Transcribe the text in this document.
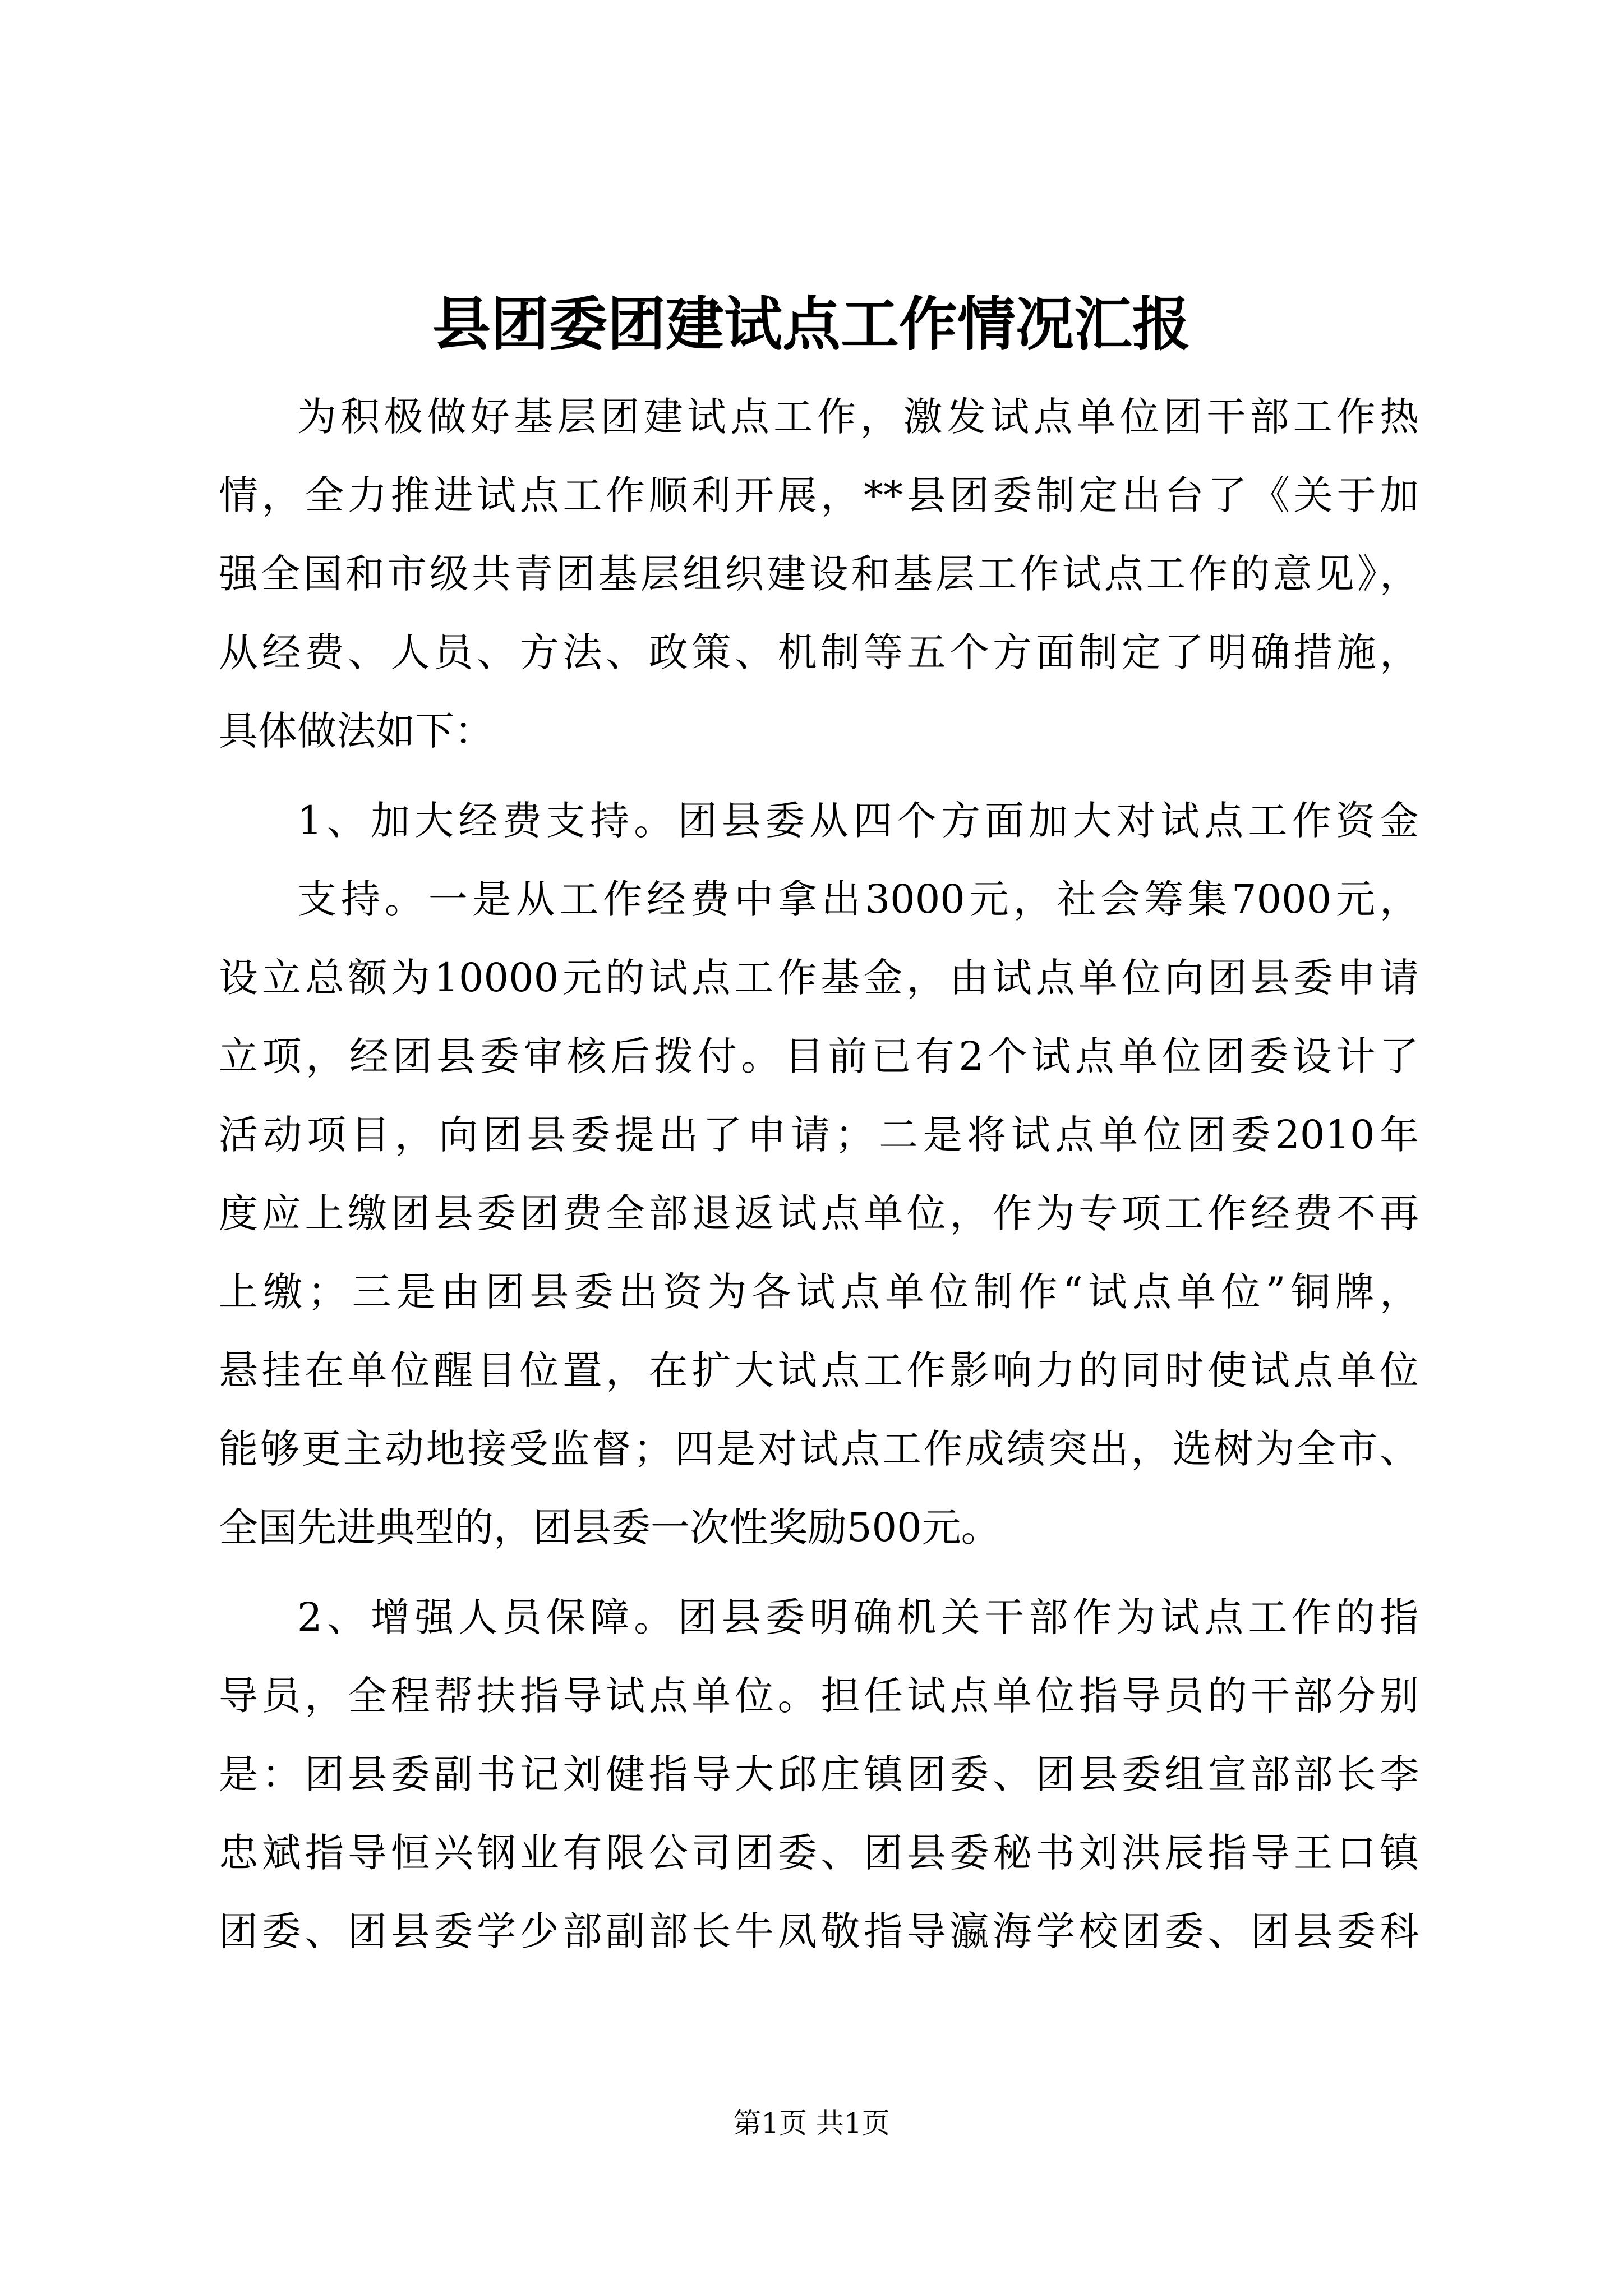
县团委团建试点工作情况汇报

为积极做好基层团建试点工作，激发试点单位团干部工作热

情，全力推进试点工作顺利开展，**县团委制定出台了《关于加

强全国和市级共青团基层组织建设和基层工作试点工作的意见》，

从经费、人员、方法、政策、机制等五个方面制定了明确措施，

具体做法如下：

1、加大经费支持。团县委从四个方面加大对试点工作资金

支持。一是从工作经费中拿出3000元，社会筹集7000元，

设立总额为10000元的试点工作基金，由试点单位向团县委申请

立项，经团县委审核后拨付。目前已有2个试点单位团委设计了

活动项目，向团县委提出了申请；二是将试点单位团委2010年

度应上缴团县委团费全部退返试点单位，作为专项工作经费不再

上缴；三是由团县委出资为各试点单位制作“试点单位”铜牌，

悬挂在单位醒目位置，在扩大试点工作影响力的同时使试点单位

能够更主动地接受监督；四是对试点工作成绩突出，选树为全市、

全国先进典型的，团县委一次性奖励500元。

2、增强人员保障。团县委明确机关干部作为试点工作的指

导员，全程帮扶指导试点单位。担任试点单位指导员的干部分别

是：团县委副书记刘健指导大邱庄镇团委、团县委组宣部部长李

忠斌指导恒兴钢业有限公司团委、团县委秘书刘洪辰指导王口镇

团委、团县委学少部副部长牛凤敬指导瀛海学校团委、团县委科

第1页 共1页
